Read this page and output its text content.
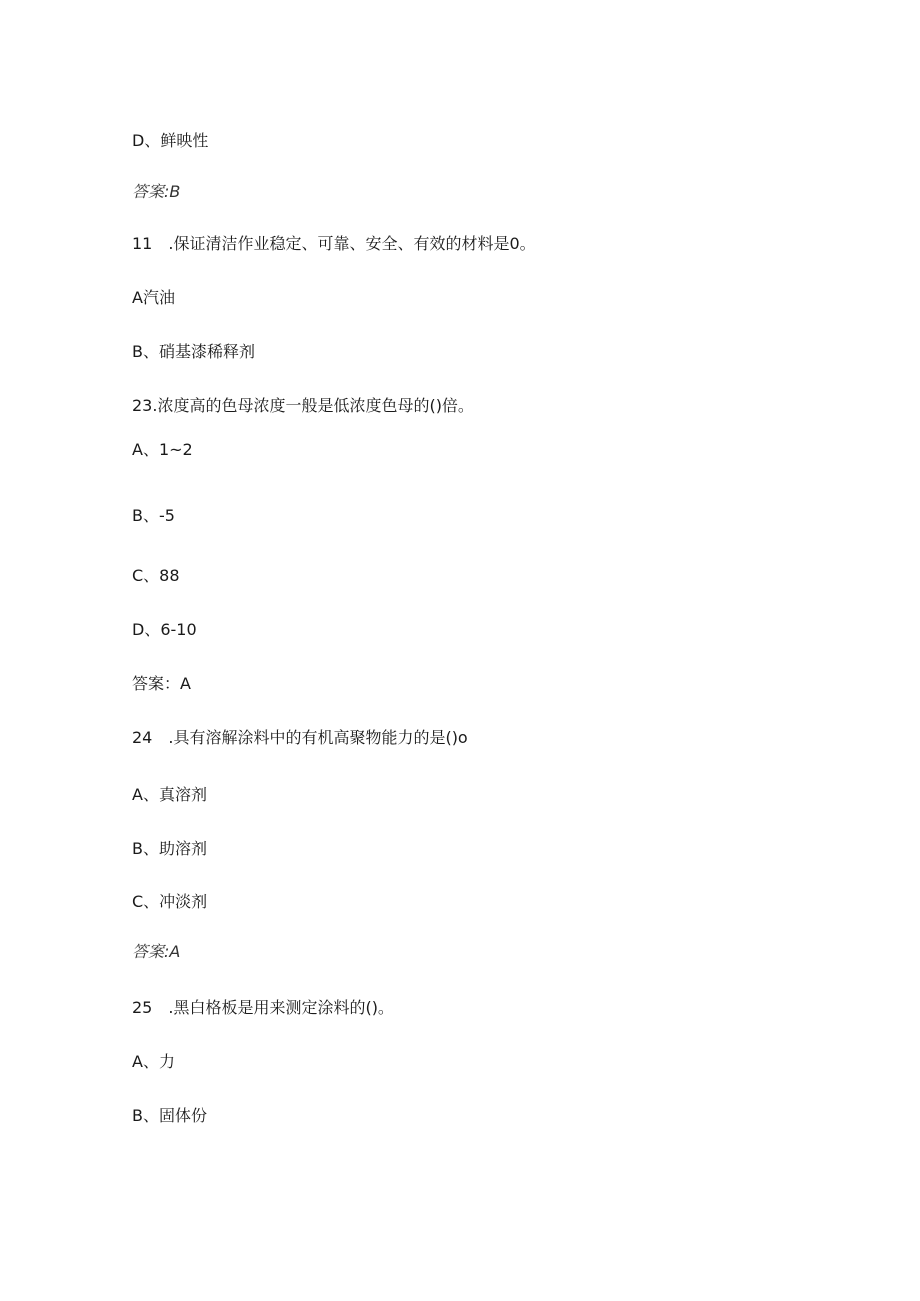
D、鲜映性
答案:B
11　.保证清洁作业稳定、可靠、安全、有效的材料是0。
A汽油
B、硝基漆稀释剂
23.浓度高的色母浓度一般是低浓度色母的()倍。
A、1~2
B、-5
C、88
D、6-10
答案：A
24　.具有溶解涂料中的有机高聚物能力的是()o
A、真溶剂
B、助溶剂
C、冲淡剂
答案:A
25　.黑白格板是用来测定涂料的()。
A、力
B、固体份
